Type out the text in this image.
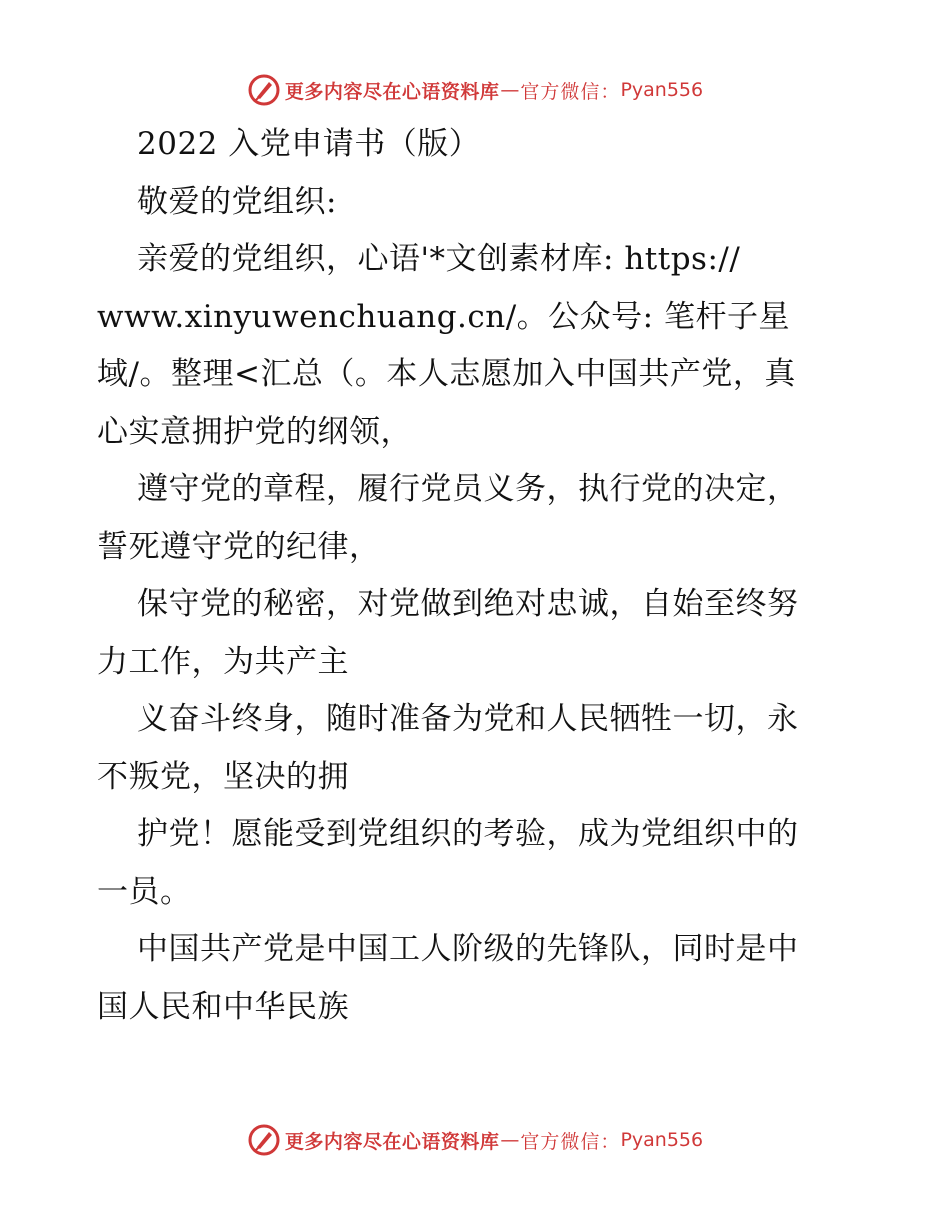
更多内容尽在心语资料库 — 官方微信： Pyan556
2022 入党申请书（版）
敬爱的党组织:
亲爱的党组织，心语'*文创素材库: https://
www.xinyuwenchuang.cn/。公众号: 笔杆子星
域/。整理<汇总（。本人志愿加入中国共产党，真
心实意拥护党的纲领，
遵守党的章程，履行党员义务，执行党的决定，
誓死遵守党的纪律，
保守党的秘密，对党做到绝对忠诚，自始至终努
力工作，为共产主
义奋斗终身，随时准备为党和人民牺牲一切，永
不叛党，坚决的拥
护党！愿能受到党组织的考验，成为党组织中的
一员。
中国共产党是中国工人阶级的先锋队，同时是中
国人民和中华民族
更多内容尽在心语资料库 — 官方微信： Pyan556
